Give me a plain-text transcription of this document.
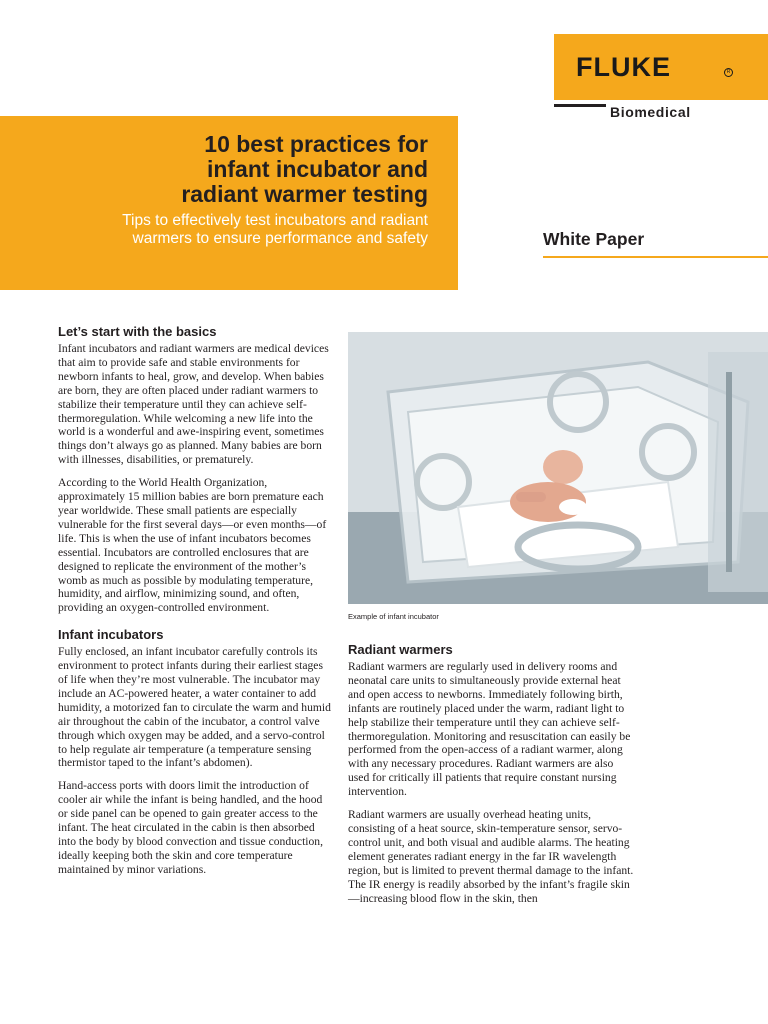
FLUKE	R
Biomedical
10 best practices for
infant incubator and
radiant warmer testing

Tips to effectively test incubators and radiant
warmers to ensure performance and safety	White Paper
Let’s start with the basics

Infant incubators and radiant warmers are medical devices that aim to provide safe and stable environments for newborn infants to heal, grow, and develop. When babies are born, they are often placed under radiant warmers to stabilize their temperature until they can achieve self-thermoregulation. While welcoming a new life into the world is a wonderful and awe-inspiring event, sometimes things don’t always go as planned. Many babies are born with illnesses, disabilities, or prematurely.

According to the World Health Organization, approximately 15 million babies are born premature each year worldwide. These small patients are especially vulnerable for the first several days—or even months—of life. This is when the use of infant incubators becomes essential. Incubators are controlled enclosures that are designed to replicate the environment of the mother’s womb as much as possible by modulating temperature, humidity, and airflow, minimizing sound, and often, providing an oxygen-controlled environment.

Infant incubators

Fully enclosed, an infant incubator carefully controls its environment to protect infants during their earliest stages of life when they’re most vulnerable. The incubator may include an AC-powered heater, a water container to add humidity, a motorized fan to circulate the warm and humid air throughout the cabin of the incubator, a control valve through which oxygen may be added, and a servo-control to help regulate air temperature (a temperature sensing thermistor taped to the infant’s abdomen).

Hand-access ports with doors limit the introduction of cooler air while the infant is being handled, and the hood or side panel can be opened to gain greater access to the infant. The heat circulated in the cabin is then absorbed into the body by blood convection and tissue conduction, ideally keeping both the skin and core temperature maintained by minor variations.

Example of infant incubator
Radiant warmers

Radiant warmers are regularly used in delivery rooms and neonatal care units to simultaneously provide external heat and open access to newborns. Immediately following birth, infants are routinely placed under the warm, radiant light to help stabilize their temperature until they can achieve self-thermoregulation. Monitoring and resuscitation can easily be performed from the open-access of a radiant warmer, along with any necessary procedures. Radiant warmers are also used for critically ill patients that require constant nursing intervention.

Radiant warmers are usually overhead heating units, consisting of a heat source, skin-temperature sensor, servo-control unit, and both visual and audible alarms. The heating element generates radiant energy in the far IR wavelength region, but is limited to prevent thermal damage to the infant. The IR energy is readily absorbed by the infant’s fragile skin—increasing blood flow in the skin, then
